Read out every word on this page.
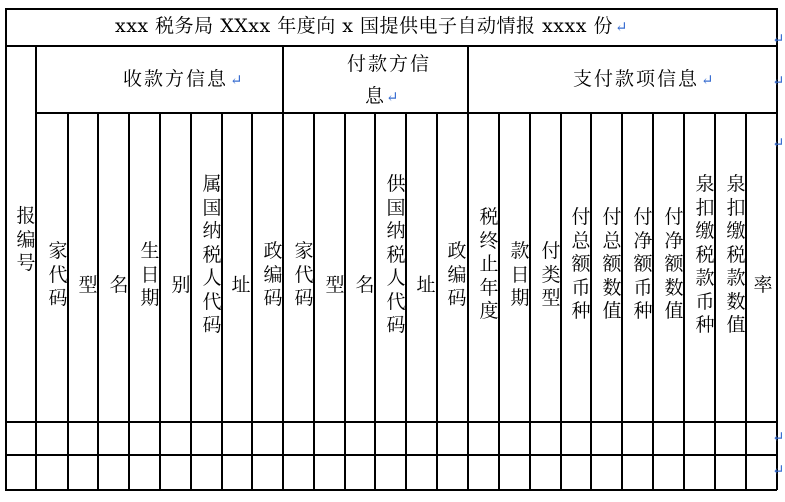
xxx 税务局 XXxx 年度向 x 国提供电子自动情报 xxxx 份 ↵
收款方信息 ↵
付款方信
息 ↵
支付款项信息 ↵
报
编
号
家
代
码
型 名
生
日
期
别
属
国
纳
税
人
代
码
址
政
编
码
家
代
码
型 名
供
国
纳
税
人
代
码
址
政
编
码
税
终
止
年
度
款
日
期
付
类
型
付
总
额
币
种
付
总
额
数
值
付
净
额
币
种
付
净
额
数
值
泉
扣
缴
税
款
币
种
泉
扣
缴
税
款
数
值
率
↵
↵
↵
↵
↵
